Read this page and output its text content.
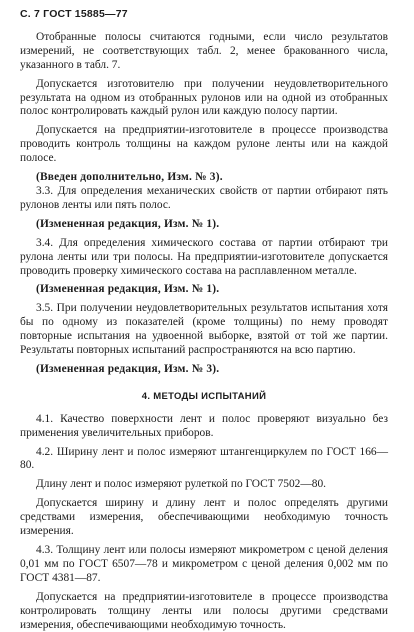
С. 7 ГОСТ 15885—77

Отобранные полосы считаются годными, если число результатов измерений, не соответствующих табл. 2, менее бракованного числа, указанного в табл. 7.

Допускается изготовителю при получении неудовлетворительного результата на одном из отобранных рулонов или на одной из отобранных полос контролировать каждый рулон или каждую полосу партии.

Допускается на предприятии-изготовителе в процессе производства проводить контроль толщины на каждом рулоне ленты или на каждой полосе.

(Введен дополнительно, Изм. № 3).

3.3. Для определения механических свойств от партии отбирают пять рулонов ленты или пять полос.

(Измененная редакция, Изм. № 1).

3.4. Для определения химического состава от партии отбирают три рулона ленты или три полосы. На предприятии-изготовителе допускается проводить проверку химического состава на расплавленном металле.

(Измененная редакция, Изм. № 1).

3.5. При получении неудовлетворительных результатов испытания хотя бы по одному из показателей (кроме толщины) по нему проводят повторные испытания на удвоенной выборке, взятой от той же партии. Результаты повторных испытаний распространяются на всю партию.

(Измененная редакция, Изм. № 3).

4. МЕТОДЫ ИСПЫТАНИЙ

4.1. Качество поверхности лент и полос проверяют визуально без применения увеличительных приборов.

4.2. Ширину лент и полос измеряют штангенциркулем по ГОСТ 166—80.

Длину лент и полос измеряют рулеткой по ГОСТ 7502—80.

Допускается ширину и длину лент и полос определять другими средствами измерения, обеспечивающими необходимую точность измерения.

4.3. Толщину лент или полосы измеряют микрометром с ценой деления 0,01 мм по ГОСТ 6507—78 и микрометром с ценой деления 0,002 мм по ГОСТ 4381—87.

Допускается на предприятии-изготовителе в процессе производства контролировать толщину ленты или полосы другими средствами измерения, обеспечивающими необходимую точность.
